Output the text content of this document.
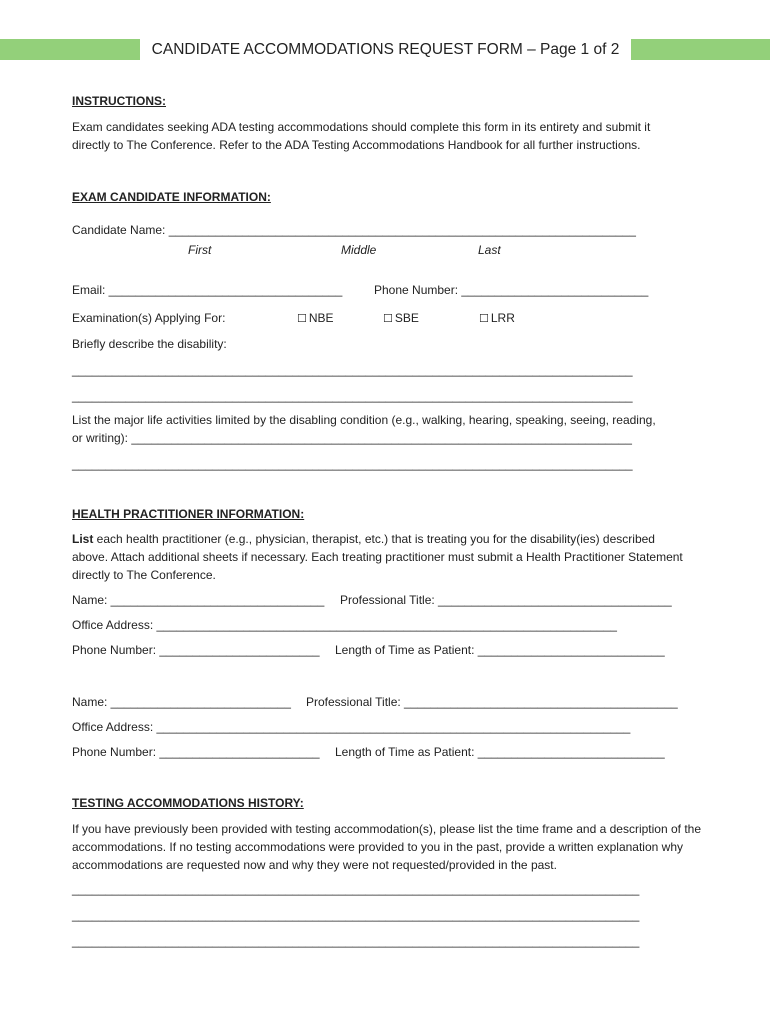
CANDIDATE ACCOMMODATIONS REQUEST FORM – Page 1 of 2
INSTRUCTIONS:
Exam candidates seeking ADA testing accommodations should complete this form in its entirety and submit it directly to The Conference. Refer to the ADA Testing Accommodations Handbook for all further instructions.
EXAM CANDIDATE INFORMATION:
Candidate Name: ______________________________________________________________________
First	Middle	Last
Email: ___________________________________	Phone Number: ____________________________
Examination(s) Applying For:	☐ NBE	☐ SBE	☐ LRR
Briefly describe the disability:
____________________________________________________________________________________
____________________________________________________________________________________
List the major life activities limited by the disabling condition (e.g., walking, hearing, speaking, seeing, reading,
or writing): ___________________________________________________________________________
____________________________________________________________________________________
HEALTH PRACTITIONER INFORMATION:
List each health practitioner (e.g., physician, therapist, etc.) that is treating you for the disability(ies) described above. Attach additional sheets if necessary. Each treating practitioner must submit a Health Practitioner Statement directly to The Conference.
Name: ________________________________ Professional Title: ___________________________________
Office Address: _____________________________________________________________________
Phone Number: ________________________ Length of Time as Patient: ____________________________
Name: ___________________________ Professional Title: _________________________________________
Office Address: _______________________________________________________________________
Phone Number: ________________________ Length of Time as Patient: ____________________________
TESTING ACCOMMODATIONS HISTORY:
If you have previously been provided with testing accommodation(s), please list the time frame and a description of the accommodations. If no testing accommodations were provided to you in the past, provide a written explanation why accommodations are requested now and why they were not requested/provided in the past.
_____________________________________________________________________________________
_____________________________________________________________________________________
_____________________________________________________________________________________
